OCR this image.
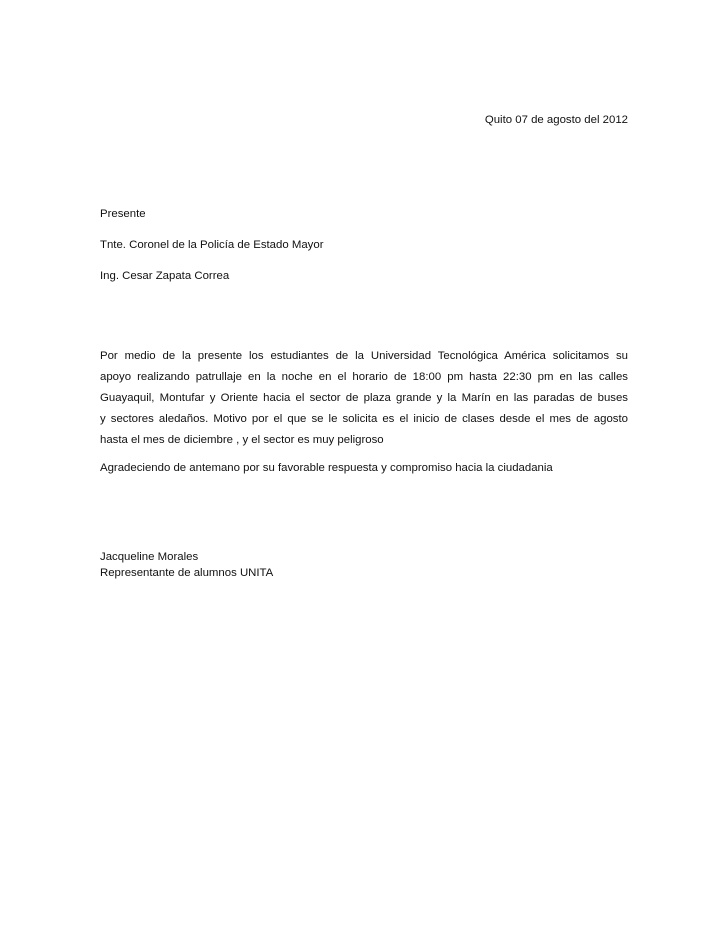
Quito 07 de agosto del 2012
Presente
Tnte. Coronel de la Policía de Estado Mayor
Ing. Cesar Zapata Correa
Por medio de la presente los estudiantes de la Universidad Tecnológica América solicitamos su
apoyo realizando patrullaje en la noche en el horario de 18:00 pm hasta 22:30 pm en las calles
Guayaquil, Montufar y Oriente hacia el sector de plaza grande y la Marín en las paradas de buses
y sectores aledaños. Motivo por el que se le solicita es el inicio de clases desde el mes de agosto
hasta el mes de diciembre , y el sector es muy peligroso
Agradeciendo de antemano por su favorable respuesta y compromiso hacia la ciudadania
Jacqueline Morales
Representante de alumnos UNITA
